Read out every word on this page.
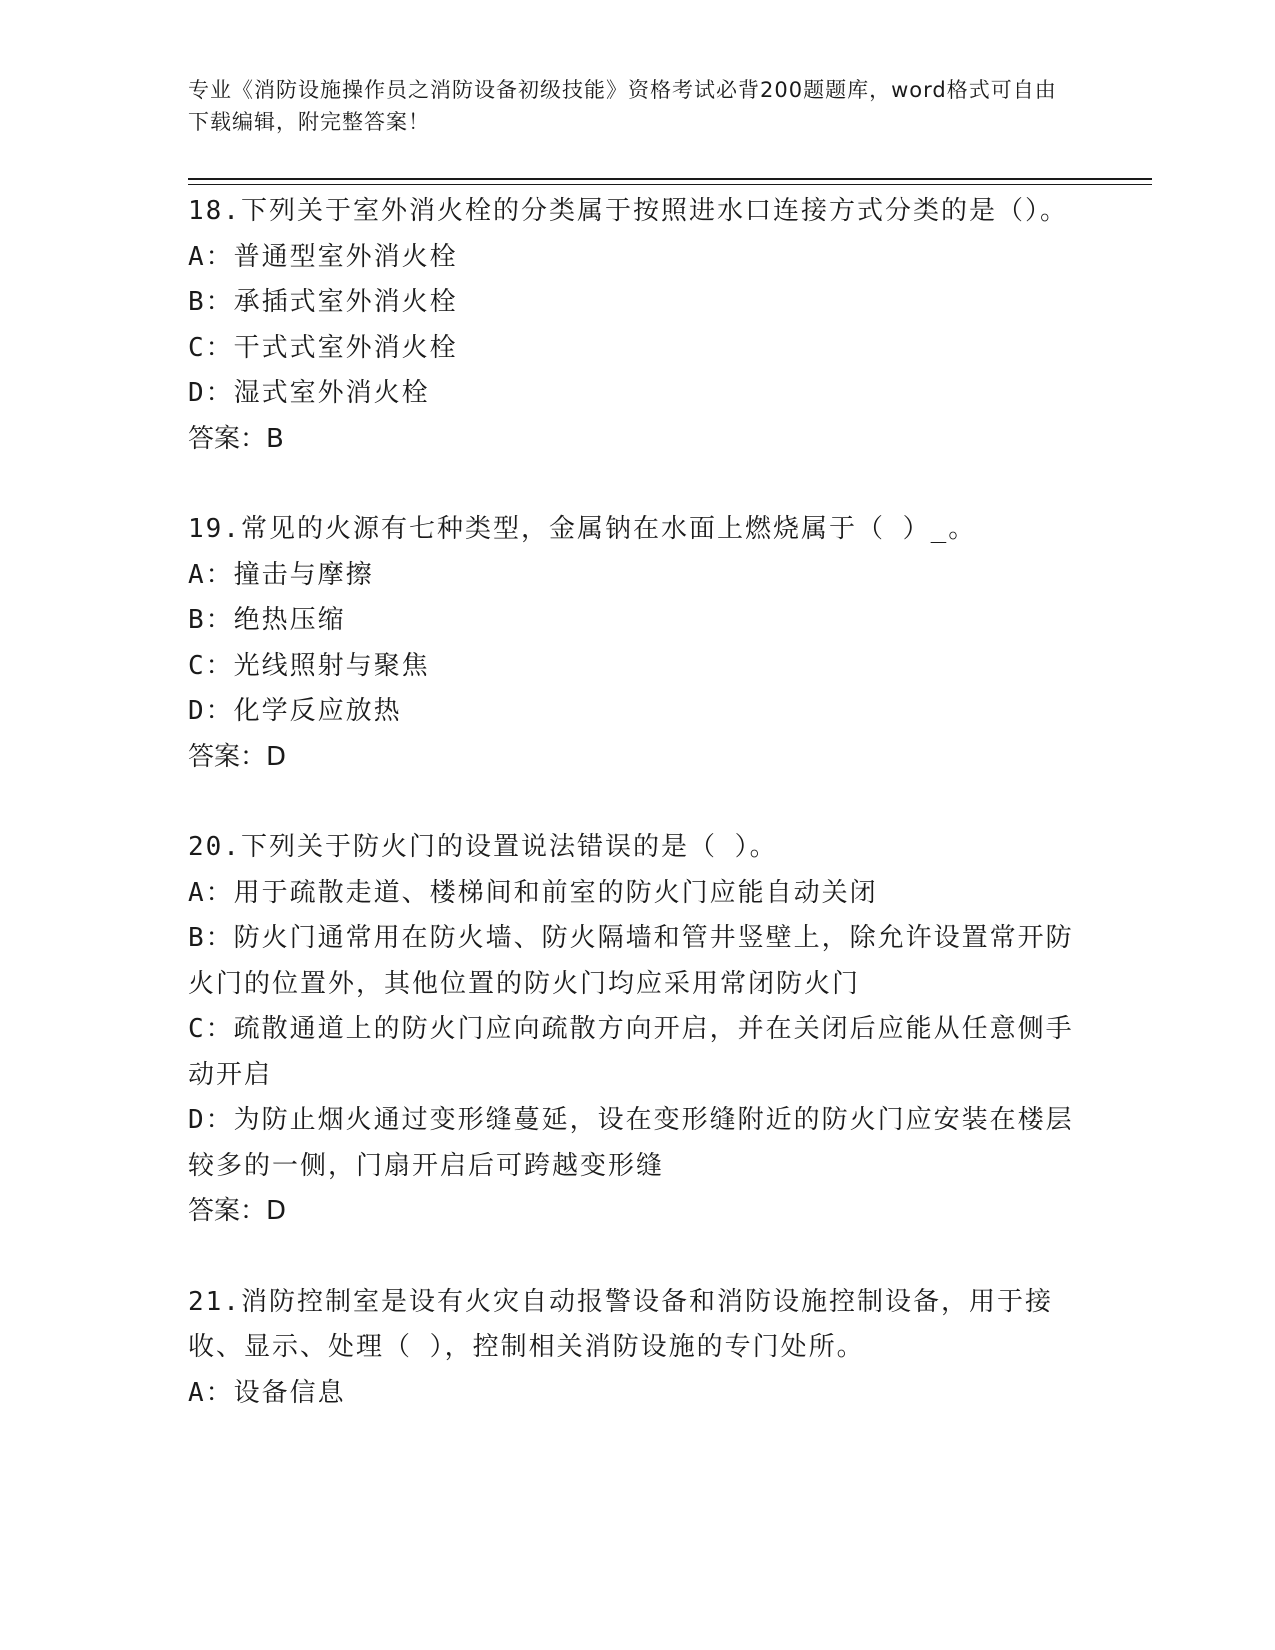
专业《消防设施操作员之消防设备初级技能》资格考试必背200题题库，word格式可自由下载编辑，附完整答案！

18.下列关于室外消火栓的分类属于按照进水口连接方式分类的是（）。

A：普通型室外消火栓

B：承插式室外消火栓

C：干式式室外消火栓

D：湿式室外消火栓

答案：B

19.常见的火源有七种类型，金属钠在水面上燃烧属于（ ）_。

A：撞击与摩擦

B：绝热压缩

C：光线照射与聚焦

D：化学反应放热

答案：D

20.下列关于防火门的设置说法错误的是（ ）。

A：用于疏散走道、楼梯间和前室的防火门应能自动关闭

B：防火门通常用在防火墙、防火隔墙和管井竖壁上，除允许设置常开防火门的位置外，其他位置的防火门均应采用常闭防火门

C：疏散通道上的防火门应向疏散方向开启，并在关闭后应能从任意侧手动开启

D：为防止烟火通过变形缝蔓延，设在变形缝附近的防火门应安装在楼层较多的一侧，门扇开启后可跨越变形缝

答案：D

21.消防控制室是设有火灾自动报警设备和消防设施控制设备，用于接收、显示、处理（ ），控制相关消防设施的专门处所。

A：设备信息
